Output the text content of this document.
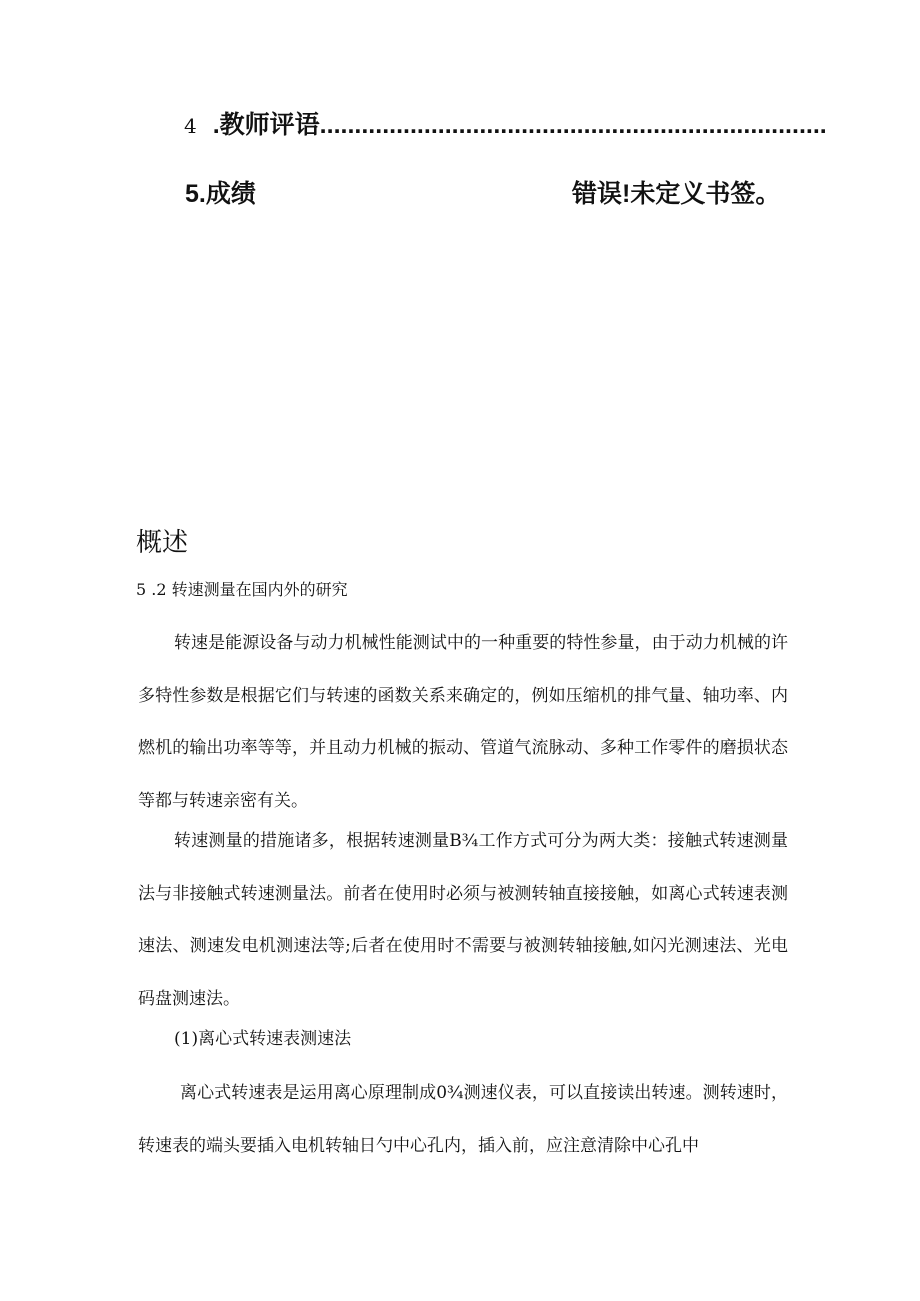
4 .教师评语.........................................................................
5.成绩	错误!未定义书签。
概述
5 .2 转速测量在国内外的研究

转速是能源设备与动力机械性能测试中的一种重要的特性参量，由于动力机械的许多特性参数是根据它们与转速的函数关系来确定的，例如压缩机的排气量、轴功率、内燃机的输出功率等等，并且动力机械的振动、管道气流脉动、多种工作零件的磨损状态等都与转速亲密有关。

转速测量的措施诸多，根据转速测量B¾工作方式可分为两大类：接触式转速测量法与非接触式转速测量法。前者在使用时必须与被测转轴直接接触，如离心式转速表测速法、测速发电机测速法等;后者在使用时不需要与被测转轴接触,如闪光测速法、光电码盘测速法。

(1)离心式转速表测速法

离心式转速表是运用离心原理制成0¾测速仪表，可以直接读出转速。测转速时，转速表的端头要插入电机转轴日勺中心孔内，插入前，应注意清除中心孔中
